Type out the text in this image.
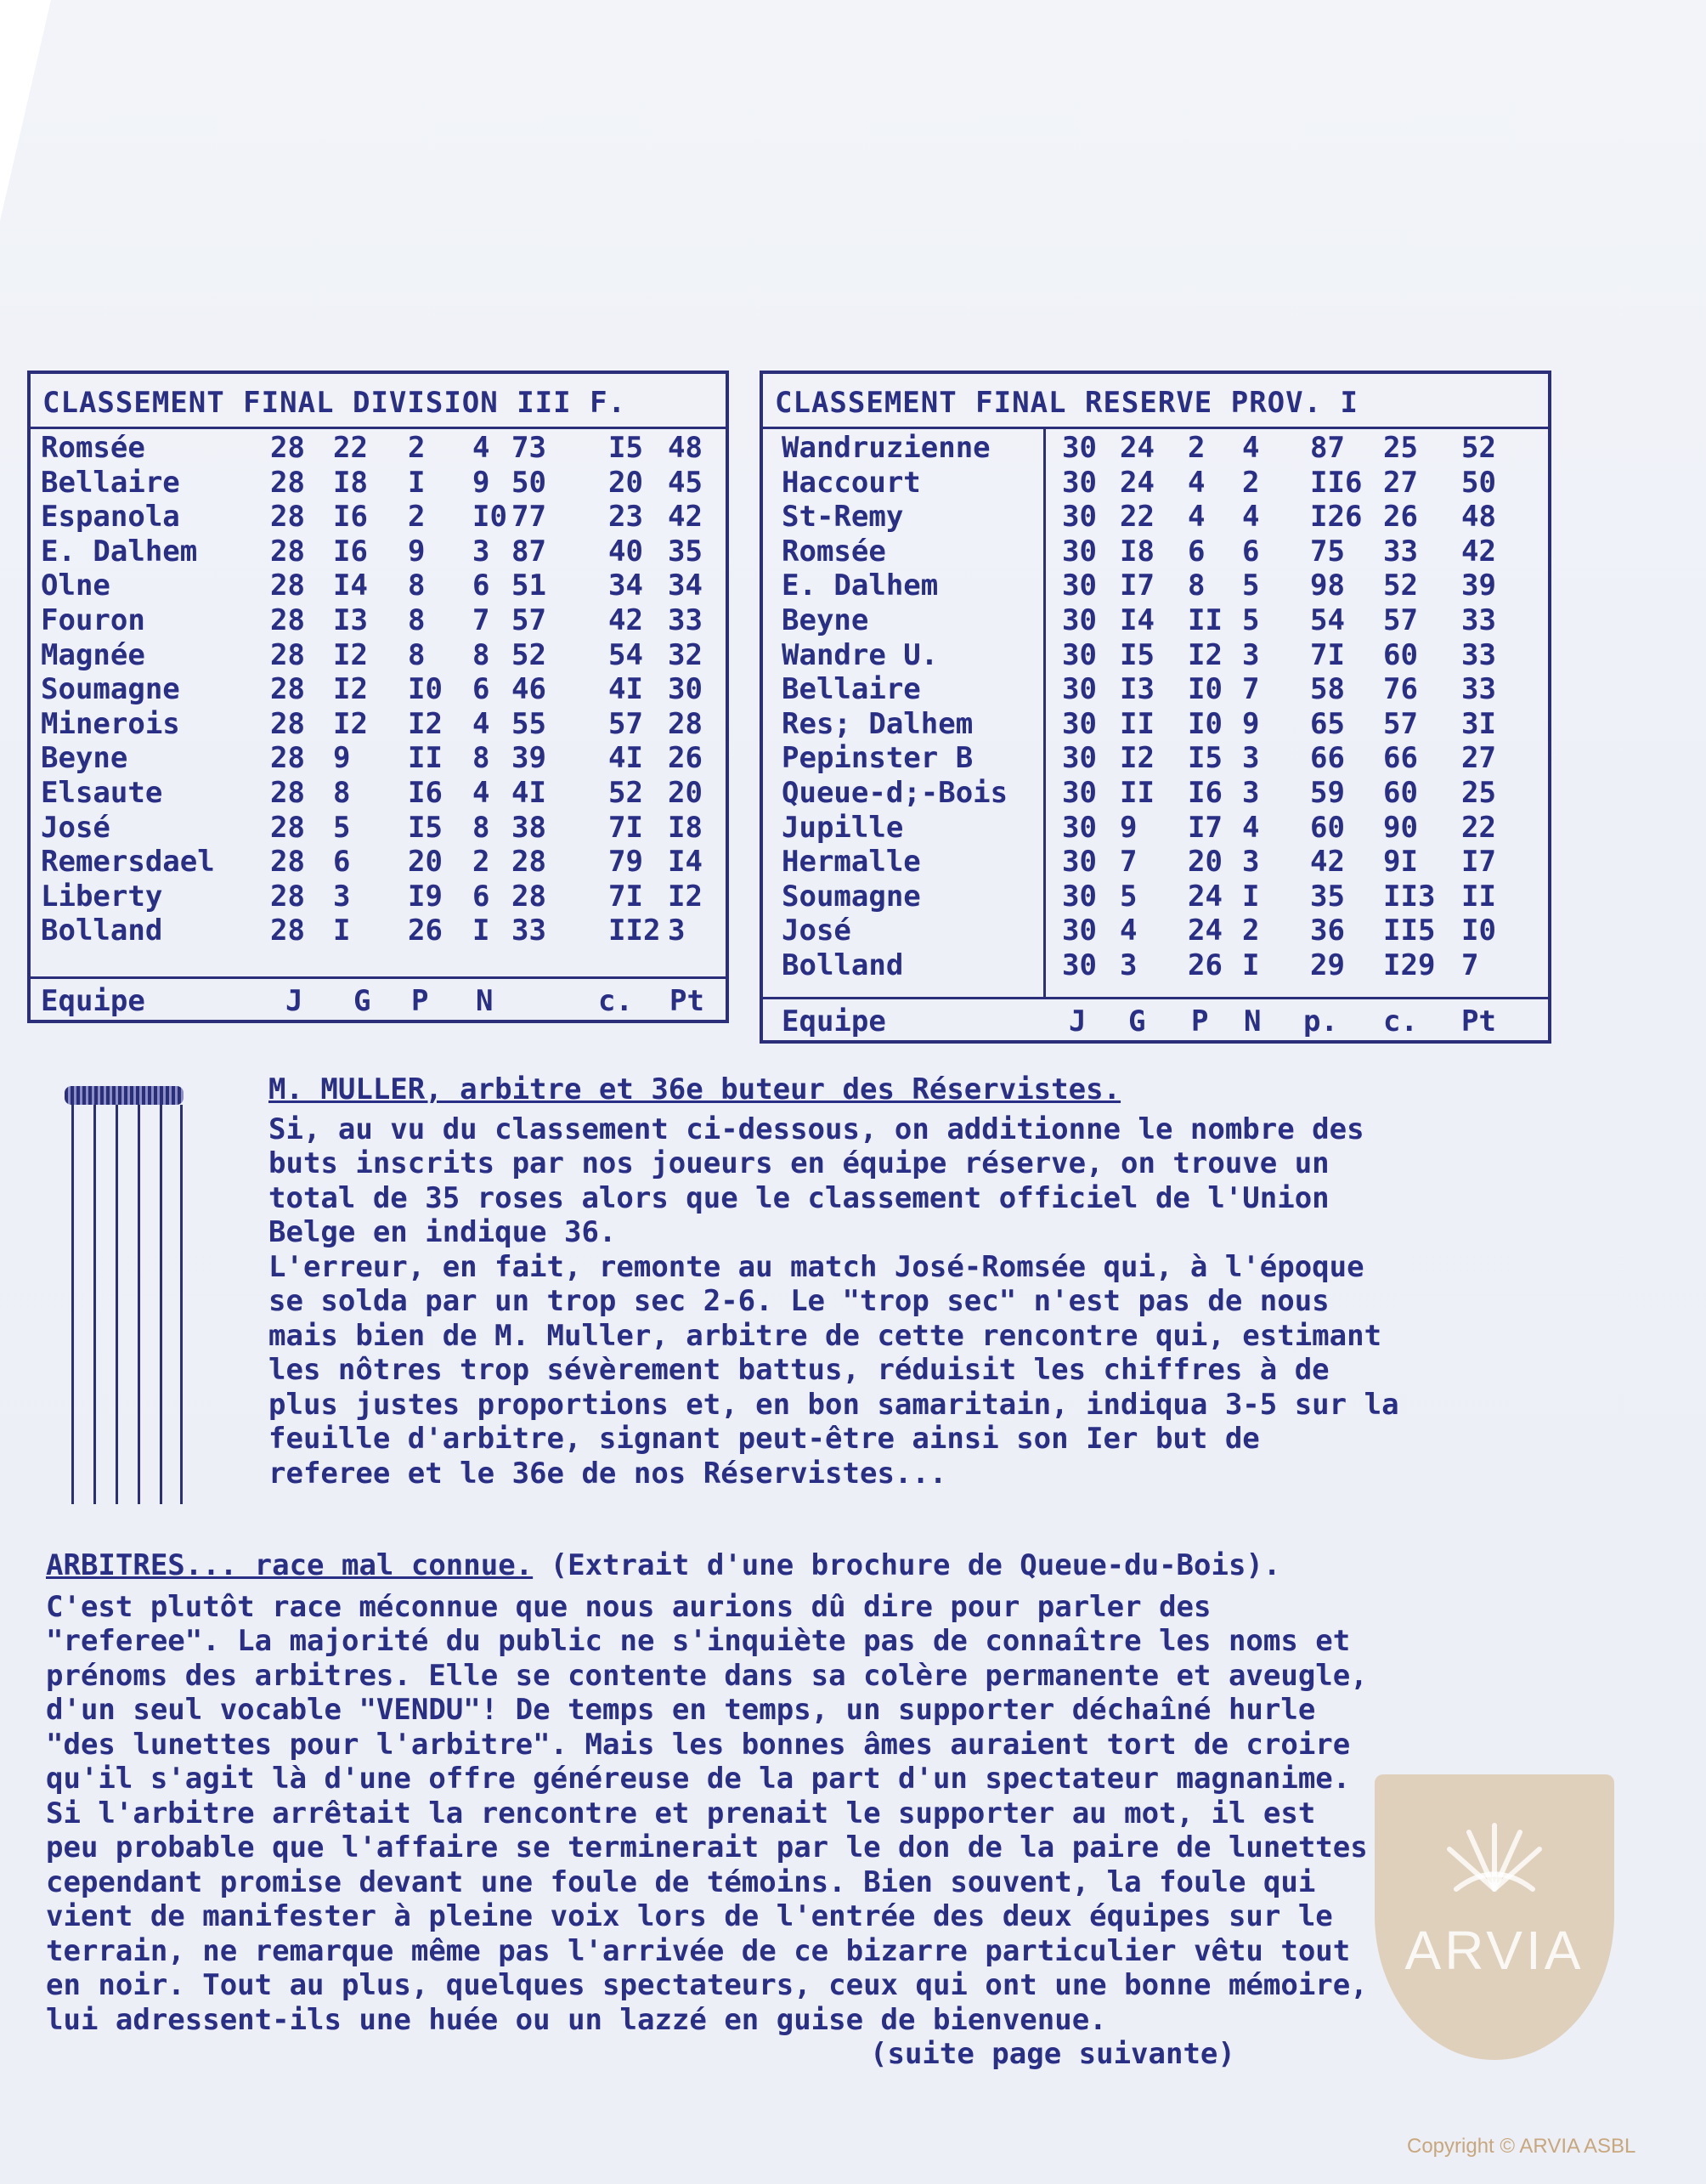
CLASSEMENT FINAL DIVISION III F.
Romsée	28 22 2 4 73 I5 48
Bellaire	28 I8 I 9 50 20 45
Espanola	28 I6 2 I0 77 23 42
E. Dalhem	28 I6 9 3 87 40 35
Olne	28 I4 8 6 51 34 34
Fouron	28 I3 8 7 57 42 33
Magnée	28 I2 8 8 52 54 32
Soumagne	28 I2 I0 6 46 4I 30
Minerois	28 I2 I2 4 55 57 28
Beyne	28 9 II 8 39 4I 26
Elsaute	28 8 I6 4 4I 52 20
José	28 5 I5 8 38 7I I8
Remersdael 28 6 20 2 28 79 I4
Liberty	28 3 I9 6 28 7I I2
Bolland	28 I 26 I 33 II2 3
Equipe	J G P N	c. Pt
CLASSEMENT FINAL RESERVE PROV. I
Wandruzienne 30 24 2 4 87 25 52
Haccourt	30 24 4 2 II6 27 50
St-Remy	30 22 4 4 I26 26 48
Romsée	30 I8 6 6 75 33 42
E. Dalhem	30 I7 8 5 98 52 39
Beyne	30 I4 II 5 54 57 33
Wandre U.	30 I5 I2 3 7I 60 33
Bellaire	30 I3 I0 7 58 76 33
Res; Dalhem	30 II I0 9 65 57 3I
Pepinster B	30 I2 I5 3 66 66 27
Queue-d;-Bois 30 II I6 3 59 60 25
Jupille	30 9 I7 4 60 90 22
Hermalle	30 7 20 3 42 9I I7
Soumagne	30 5 24 I 35 II3 II
José	30 4 24 2 36 II5 I0
Bolland	30 3 26 I 29 I29 7
Equipe	J G P N p. c. Pt
M. MULLER, arbitre et 36e buteur des Réservistes.
Si, au vu du classement ci-dessous, on additionne le nombre des
buts inscrits par nos joueurs en équipe réserve, on trouve un
total de 35 roses alors que le classement officiel de l'Union
Belge en indique 36.
L'erreur, en fait, remonte au match José-Romsée qui, à l'époque
se solda par un trop sec 2-6. Le "trop sec" n'est pas de nous
mais bien de M. Muller, arbitre de cette rencontre qui, estimant
les nôtres trop sévèrement battus, réduisit les chiffres à de
plus justes proportions et, en bon samaritain, indiqua 3-5 sur la
feuille d'arbitre, signant peut-être ainsi son Ier but de
referee et le 36e de nos Réservistes...
ARBITRES... race mal connue. (Extrait d'une brochure de Queue-du-Bois).
C'est plutôt race méconnue que nous aurions dû dire pour parler des
"referee". La majorité du public ne s'inquiète pas de connaître les noms et
prénoms des arbitres. Elle se contente dans sa colère permanente et aveugle,
d'un seul vocable "VENDU"! De temps en temps, un supporter déchaîné hurle
"des lunettes pour l'arbitre". Mais les bonnes âmes auraient tort de croire
qu'il s'agit là d'une offre généreuse de la part d'un spectateur magnanime.
Si l'arbitre arrêtait la rencontre et prenait le supporter au mot, il est
peu probable que l'affaire se terminerait par le don de la paire de lunettes
cependant promise devant une foule de témoins. Bien souvent, la foule qui
vient de manifester à pleine voix lors de l'entrée des deux équipes sur le
terrain, ne remarque même pas l'arrivée de ce bizarre particulier vêtu tout
en noir. Tout au plus, quelques spectateurs, ceux qui ont une bonne mémoire,
lui adressent-ils une huée ou un lazzé en guise de bienvenue.
(suite page suivante)
ARVIA
Copyright © ARVIA ASBL
